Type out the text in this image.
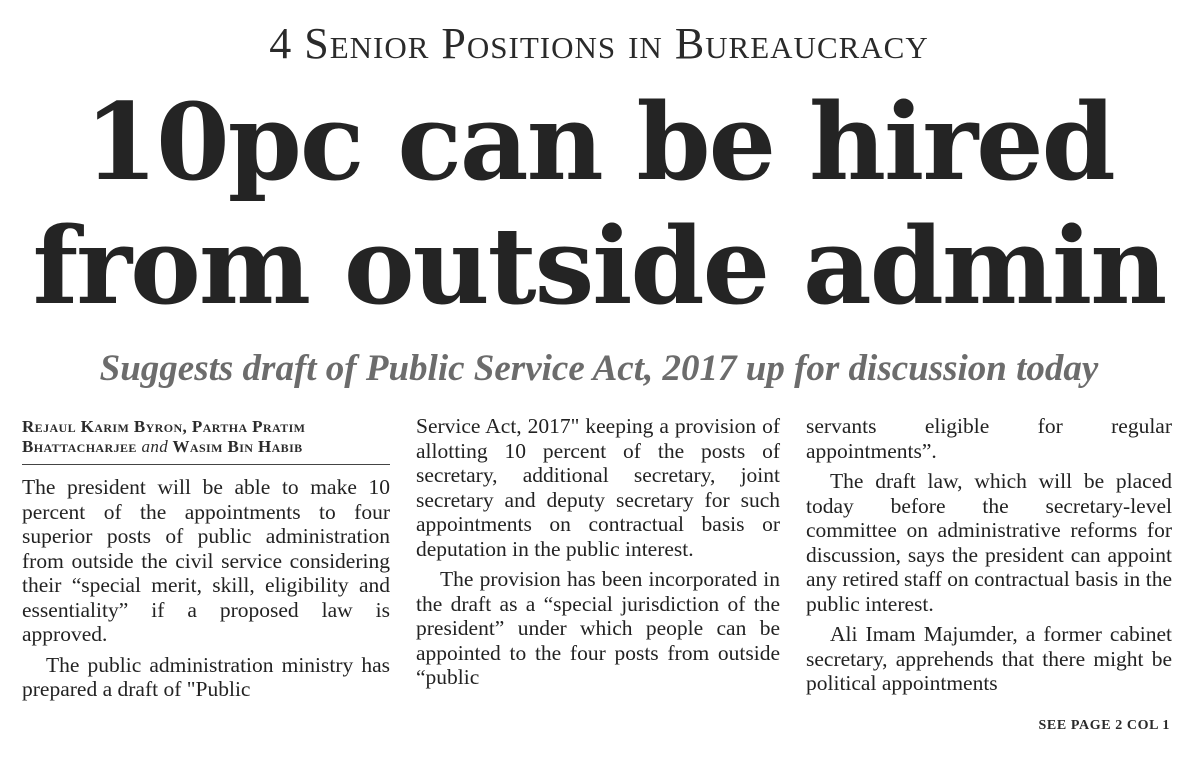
4 Senior Positions in Bureaucracy
10pc can be hired
from outside admin
Suggests draft of Public Service Act, 2017 up for discussion today
Rejaul Karim Byron, Partha Pratim Bhattacharjee and Wasim Bin Habib

The president will be able to make 10 percent of the appointments to four superior posts of public administration from outside the civil service considering their “special merit, skill, eligibility and essentiality” if a proposed law is approved.

The public administration ministry has prepared a draft of "Public

Service Act, 2017" keeping a provision of allotting 10 percent of the posts of secretary, additional secretary, joint secretary and deputy secretary for such appointments on contractual basis or deputation in the public interest.

The provision has been incorporated in the draft as a “special jurisdiction of the president” under which people can be appointed to the four posts from outside “public

servants eligible for regular appointments”.

The draft law, which will be placed today before the secretary-level committee on administrative reforms for discussion, says the president can appoint any retired staff on contractual basis in the public interest.

Ali Imam Majumder, a former cabinet secretary, apprehends that there might be political appointments

SEE PAGE 2 COL 1
